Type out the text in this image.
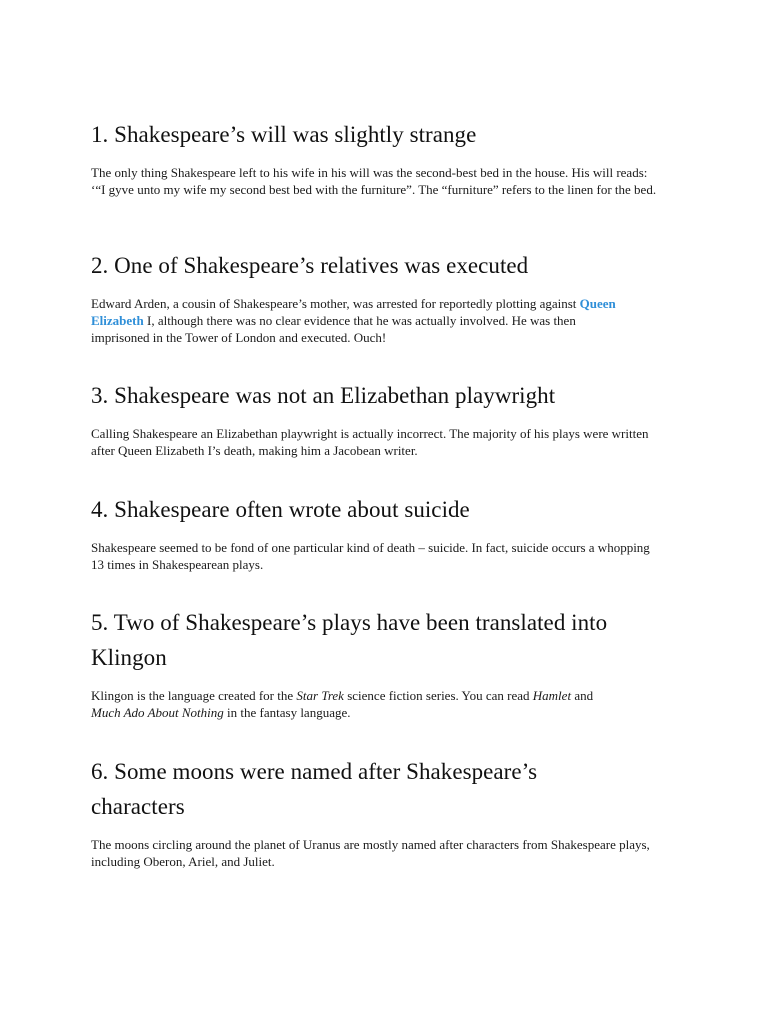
1. Shakespeare’s will was slightly strange

The only thing Shakespeare left to his wife in his will was the second-best bed in the house. His will reads: ‘“I gyve unto my wife my second best bed with the furniture”. The “furniture” refers to the linen for the bed.

2. One of Shakespeare’s relatives was executed

Edward Arden, a cousin of Shakespeare’s mother, was arrested for reportedly plotting against Queen Elizabeth I, although there was no clear evidence that he was actually involved. He was then imprisoned in the Tower of London and executed. Ouch!

3. Shakespeare was not an Elizabethan playwright

Calling Shakespeare an Elizabethan playwright is actually incorrect. The majority of his plays were written after Queen Elizabeth I’s death, making him a Jacobean writer.

4. Shakespeare often wrote about suicide

Shakespeare seemed to be fond of one particular kind of death – suicide. In fact, suicide occurs a whopping 13 times in Shakespearean plays.

5. Two of Shakespeare’s plays have been translated into Klingon

Klingon is the language created for the Star Trek science fiction series. You can read Hamlet and Much Ado About Nothing in the fantasy language.

6. Some moons were named after Shakespeare’s characters

The moons circling around the planet of Uranus are mostly named after characters from Shakespeare plays, including Oberon, Ariel, and Juliet.
